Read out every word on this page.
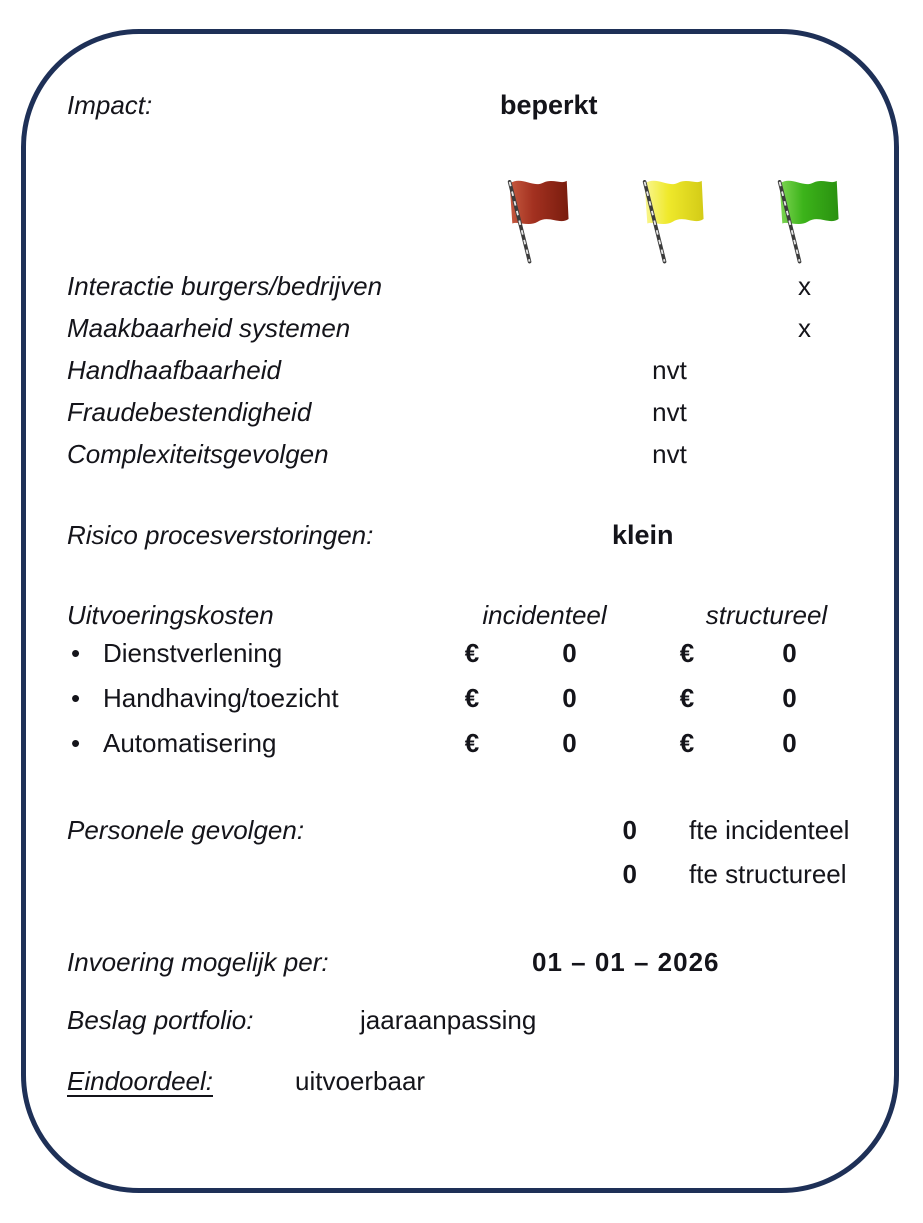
Impact:	beperkt
Interactie burgers/bedrijven	x
Maakbaarheid systemen	x
Handhaafbaarheid	nvt
Fraudebestendigheid	nvt
Complexiteitsgevolgen	nvt
Risico procesverstoringen:	klein
Uitvoeringskosten	incidenteel	structureel
• Dienstverlening	€	0	€	0
• Handhaving/toezicht	€	0	€	0
• Automatisering	€	0	€	0
Personele gevolgen:	0 fte incidenteel
0 fte structureel
Invoering mogelijk per:	01 – 01 – 2026
Beslag portfolio:	jaaraanpassing
Eindoordeel:	uitvoerbaar
